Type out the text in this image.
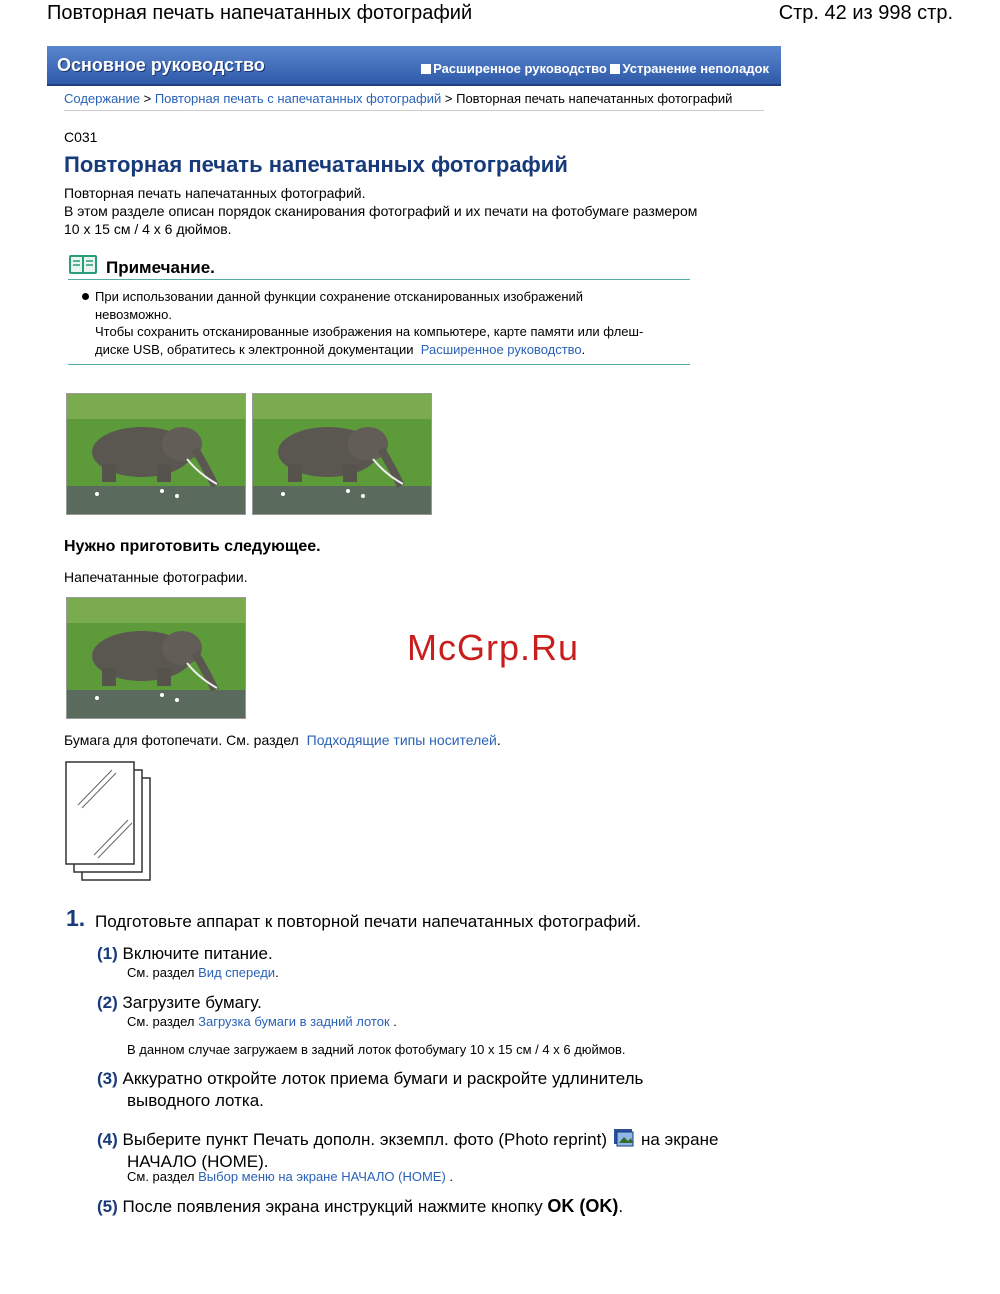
Повторная печать напечатанных фотографий	Стр. 42 из 998 стр.
Основное руководство	Расширенное руководство Устранение неполадок
Содержание > Повторная печать с напечатанных фотографий > Повторная печать напечатанных фотографий
C031
Повторная печать напечатанных фотографий
Повторная печать напечатанных фотографий.
В этом разделе описан порядок сканирования фотографий и их печати на фотобумаге размером
10 x 15 см / 4 x 6 дюймов.
Примечание.
При использовании данной функции сохранение отсканированных изображений
невозможно.
Чтобы сохранить отсканированные изображения на компьютере, карте памяти или флеш-
диске USB, обратитесь к электронной документации Расширенное руководство.
Нужно приготовить следующее.
Напечатанные фотографии.
McGrp.Ru
Бумага для фотопечати. См. раздел Подходящие типы носителей.
1. Подготовьте аппарат к повторной печати напечатанных фотографий.
(1) Включите питание.
См. раздел Вид спереди.
(2) Загрузите бумагу.
См. раздел Загрузка бумаги в задний лоток .
В данном случае загружаем в задний лоток фотобумагу 10 x 15 см / 4 x 6 дюймов.
(3) Аккуратно откройте лоток приема бумаги и раскройте удлинитель
выводного лотка.
(4) Выберите пункт Печать дополн. экземпл. фото (Photo reprint) на экране
НАЧАЛО (HOME).
См. раздел Выбор меню на экране НАЧАЛО (HOME) .
(5) После появления экрана инструкций нажмите кнопку OK (OK).
